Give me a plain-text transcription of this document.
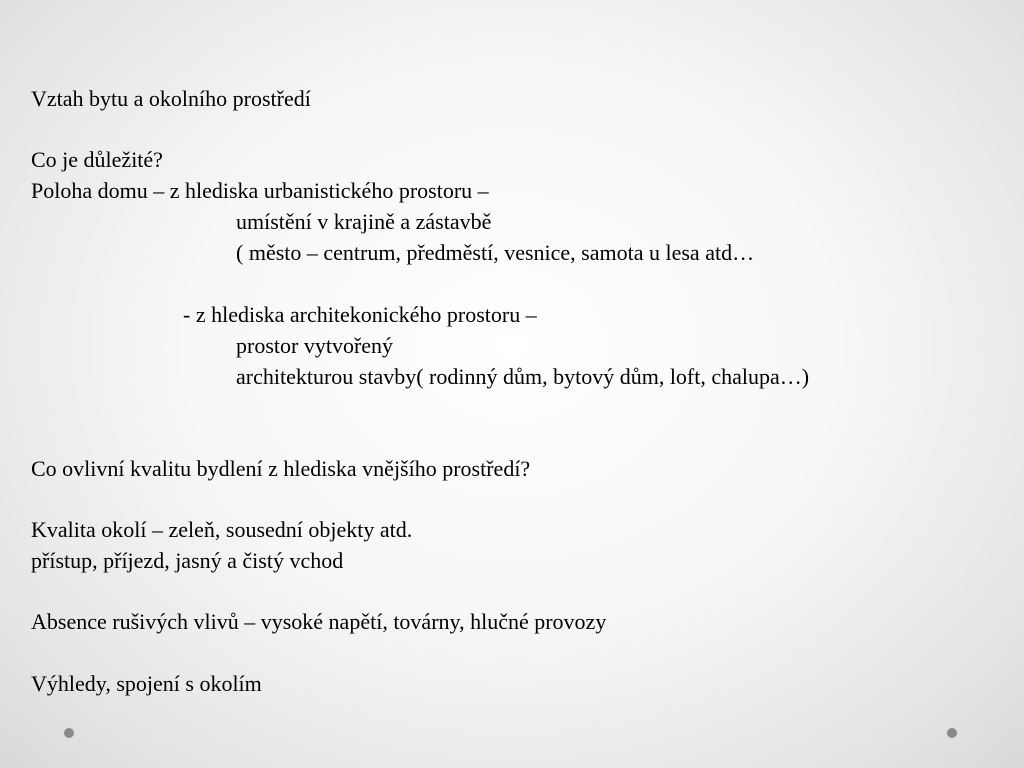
Vztah bytu a okolního prostředí
Co je důležité?
Poloha domu – z hlediska urbanistického prostoru –
umístění v krajině a zástavbě
( město – centrum, předměstí, vesnice, samota u lesa atd…
- z hlediska architekonického prostoru –
prostor vytvořený
architekturou stavby( rodinný dům, bytový dům, loft, chalupa…)
Co ovlivní kvalitu bydlení z hlediska vnějšího prostředí?
Kvalita okolí – zeleň, sousední objekty atd.
přístup, příjezd, jasný a čistý vchod
Absence rušivých vlivů – vysoké napětí, továrny, hlučné provozy
Výhledy, spojení s okolím
